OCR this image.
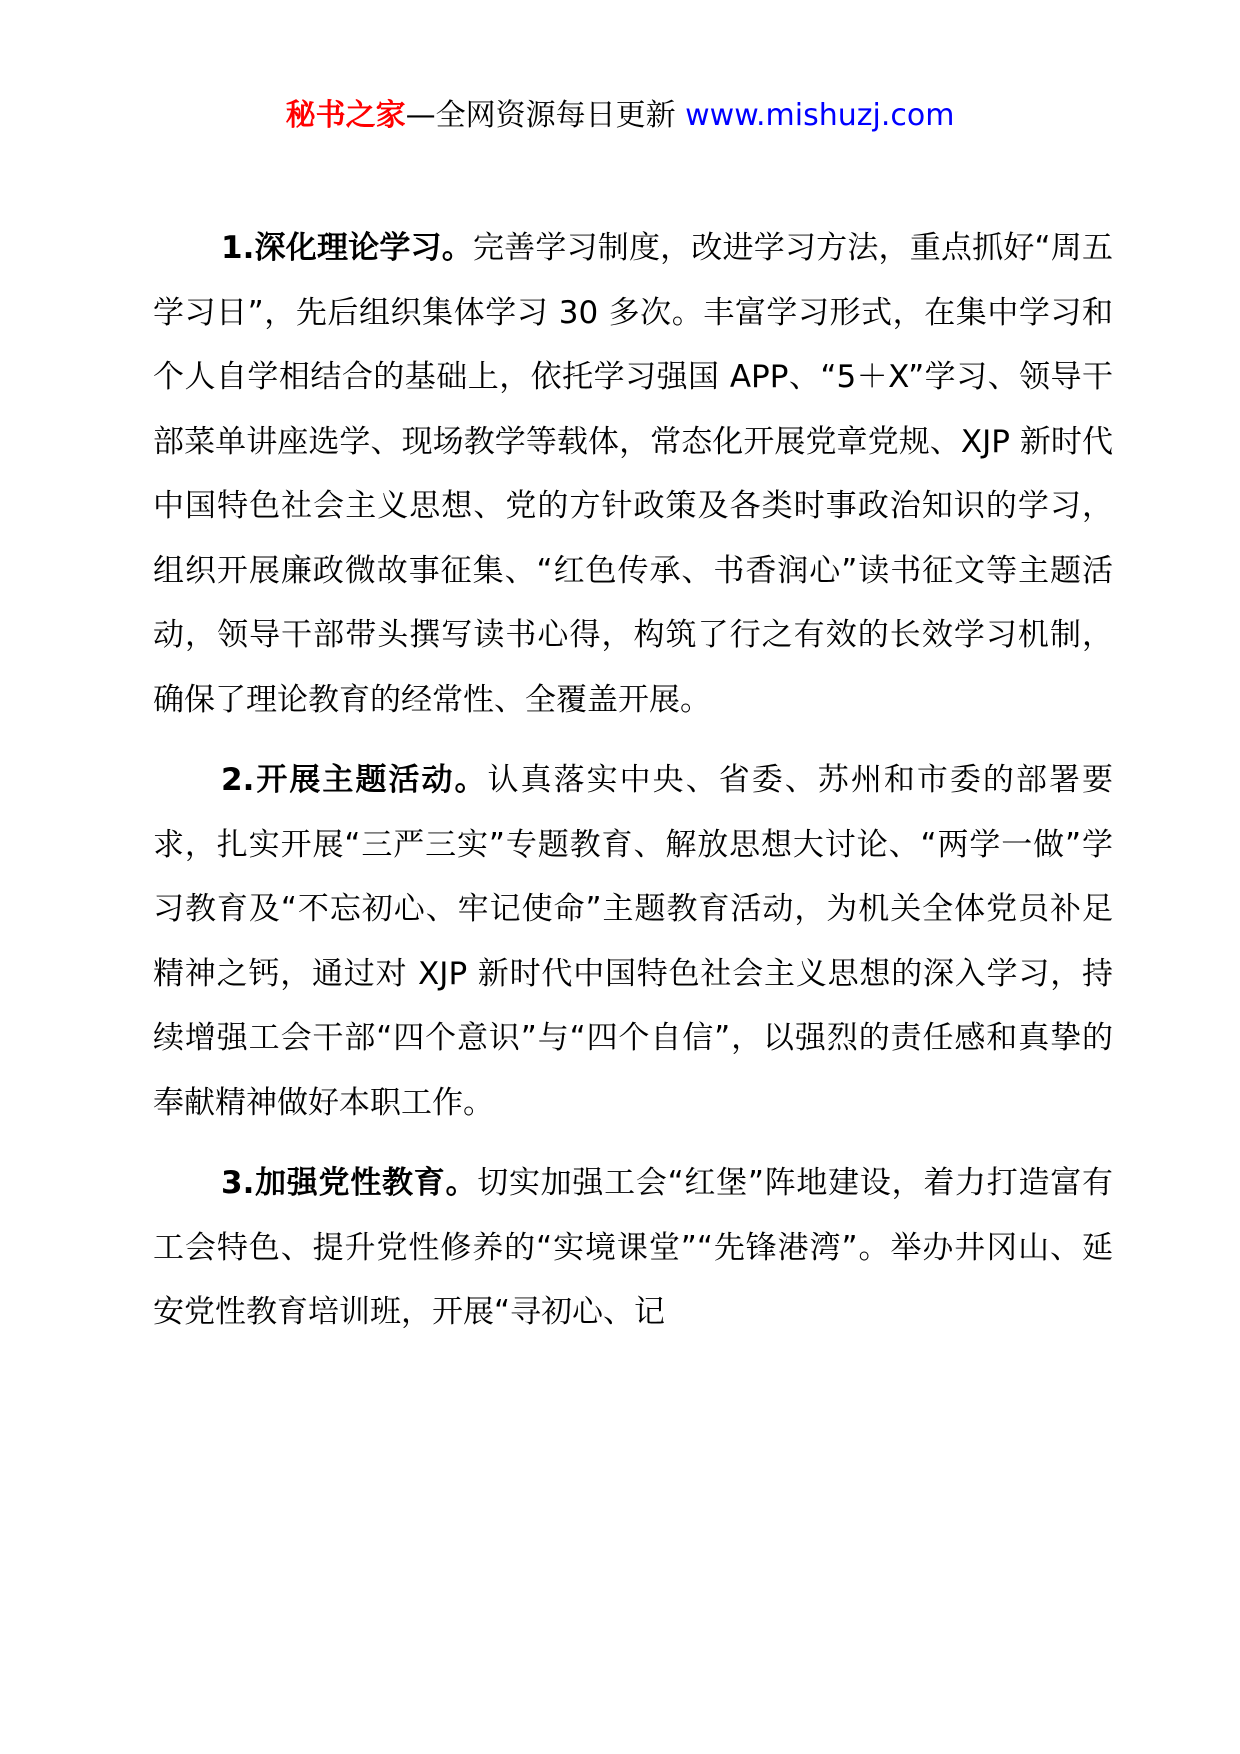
秘书之家—全网资源每日更新 www.mishuzj.com

1.深化理论学习。完善学习制度，改进学习方法，重点抓好“周五学习日”，先后组织集体学习 30 多次。丰富学习形式，在集中学习和个人自学相结合的基础上，依托学习强国 APP、“5＋X”学习、领导干部菜单讲座选学、现场教学等载体，常态化开展党章党规、XJP 新时代中国特色社会主义思想、党的方针政策及各类时事政治知识的学习，组织开展廉政微故事征集、“红色传承、书香润心”读书征文等主题活动，领导干部带头撰写读书心得，构筑了行之有效的长效学习机制，确保了理论教育的经常性、全覆盖开展。

2.开展主题活动。认真落实中央、省委、苏州和市委的部署要求，扎实开展“三严三实”专题教育、解放思想大讨论、“两学一做”学习教育及“不忘初心、牢记使命”主题教育活动，为机关全体党员补足精神之钙，通过对 XJP 新时代中国特色社会主义思想的深入学习，持续增强工会干部“四个意识”与“四个自信”，以强烈的责任感和真挚的奉献精神做好本职工作。

3.加强党性教育。切实加强工会“红堡”阵地建设，着力打造富有工会特色、提升党性修养的“实境课堂”“先锋港湾”。举办井冈山、延安党性教育培训班，开展“寻初心、记
